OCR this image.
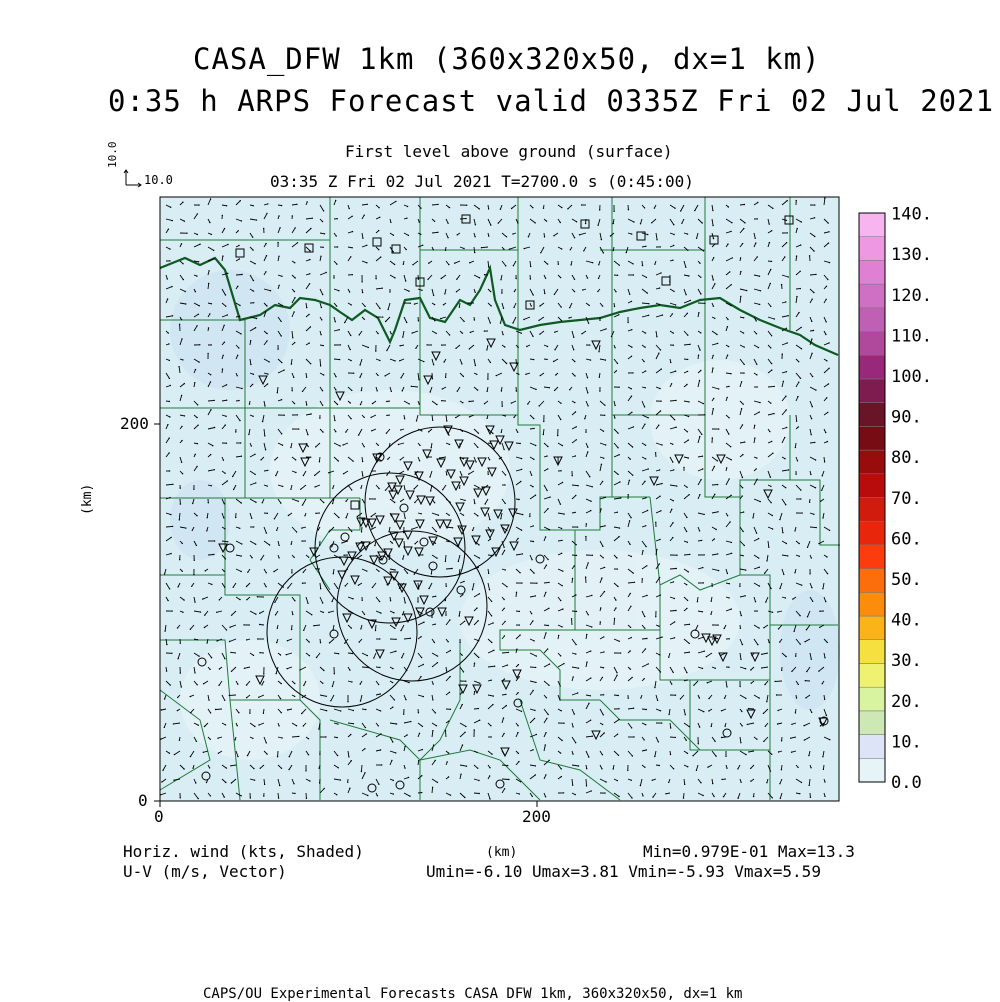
CASA_DFW 1km (360x320x50, dx=1 km)
0:35 h ARPS Forecast valid 0335Z Fri 02 Jul 2021
First level above ground (surface)
03:35 Z Fri 02 Jul 2021 T=2700.0 s (0:45:00)
10.0
10.0
200
0
0	200
(km)
Horiz. wind (kts, Shaded)
U-V (m/s, Vector)
(km)	Min=0.979E-01 Max=13.3
Umin=-6.10 Umax=3.81 Vmin=-5.93 Vmax=5.59
CAPS/OU Experimental Forecasts CASA DFW 1km, 360x320x50, dx=1 km
0.0
10.
20.
30.
40.
50.
60.
70.
80.
90.
100.
110.
120.
130.
140.
